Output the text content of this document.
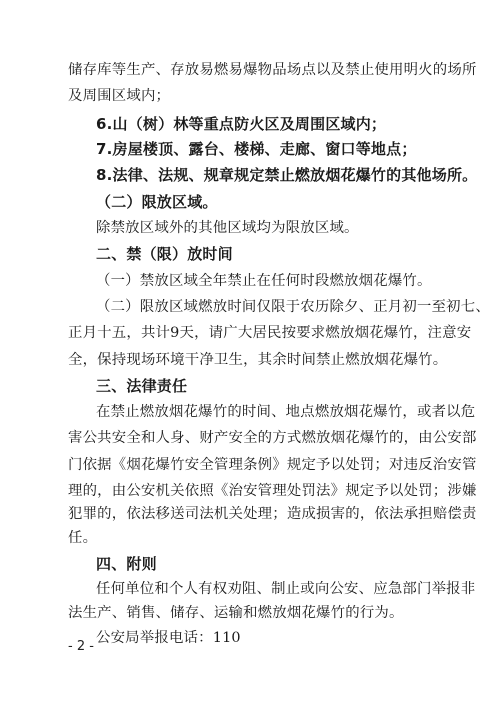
储存库等生产、存放易燃易爆物品场点以及禁止使用明火的场所
及周围区域内；
6.山（树）林等重点防火区及周围区域内；
7.房屋楼顶、露台、楼梯、走廊、窗口等地点；
8.法律、法规、规章规定禁止燃放烟花爆竹的其他场所。
（二）限放区域。
除禁放区域外的其他区域均为限放区域。
二、禁（限）放时间
（一）禁放区域全年禁止在任何时段燃放烟花爆竹。
（二）限放区域燃放时间仅限于农历除夕、正月初一至初七、
正月十五，共计9天，请广大居民按要求燃放烟花爆竹，注意安
全，保持现场环境干净卫生，其余时间禁止燃放烟花爆竹。
三、法律责任
在禁止燃放烟花爆竹的时间、地点燃放烟花爆竹，或者以危
害公共安全和人身、财产安全的方式燃放烟花爆竹的，由公安部
门依据《烟花爆竹安全管理条例》规定予以处罚；对违反治安管
理的，由公安机关依照《治安管理处罚法》规定予以处罚；涉嫌
犯罪的，依法移送司法机关处理；造成损害的，依法承担赔偿责
任。
四、附则
任何单位和个人有权劝阻、制止或向公安、应急部门举报非
法生产、销售、储存、运输和燃放烟花爆竹的行为。
公安局举报电话：110
- 2 -
